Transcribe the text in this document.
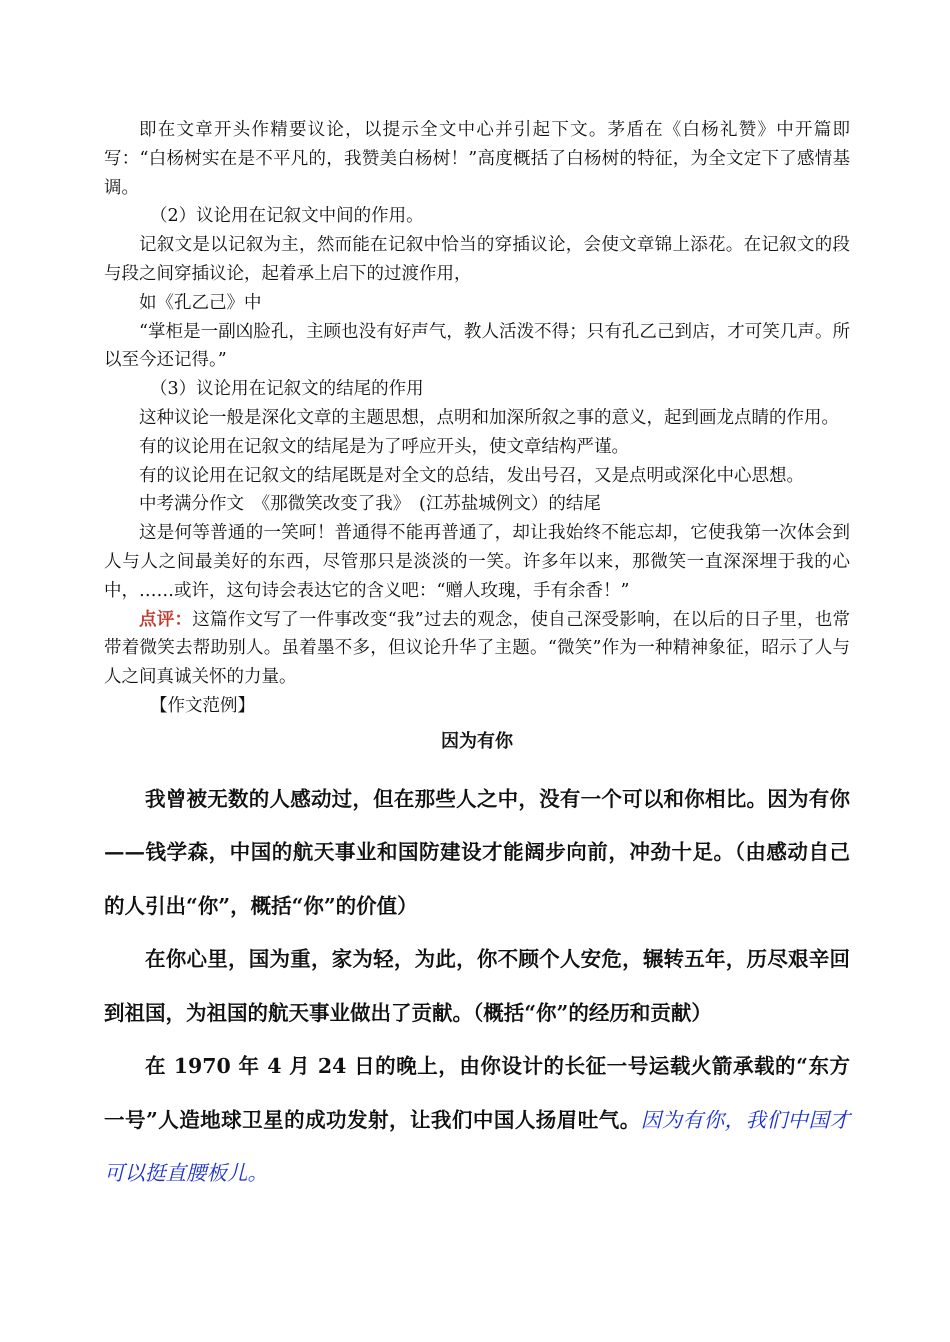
即在文章开头作精要议论，以提示全文中心并引起下文。茅盾在《白杨礼赞》中开篇即写：“白杨树实在是不平凡的，我赞美白杨树！”高度概括了白杨树的特征，为全文定下了感情基调。

（2）议论用在记叙文中间的作用。

记叙文是以记叙为主，然而能在记叙中恰当的穿插议论，会使文章锦上添花。在记叙文的段与段之间穿插议论，起着承上启下的过渡作用，

如《孔乙己》中

“掌柜是一副凶脸孔，主顾也没有好声气，教人活泼不得；只有孔乙己到店，才可笑几声。所以至今还记得。”

（3）议论用在记叙文的结尾的作用

这种议论一般是深化文章的主题思想，点明和加深所叙之事的意义，起到画龙点睛的作用。

有的议论用在记叙文的结尾是为了呼应开头，使文章结构严谨。

有的议论用在记叙文的结尾既是对全文的总结，发出号召，又是点明或深化中心思想。

中考满分作文　《那微笑改变了我》　(江苏盐城例文）的结尾

这是何等普通的一笑呵！普通得不能再普通了，却让我始终不能忘却，它使我第一次体会到人与人之间最美好的东西，尽管那只是淡淡的一笑。许多年以来，那微笑一直深深埋于我的心中，……或许，这句诗会表达它的含义吧：“赠人玫瑰，手有余香！”

点评：这篇作文写了一件事改变“我”过去的观念，使自己深受影响，在以后的日子里，也常带着微笑去帮助别人。虽着墨不多，但议论升华了主题。“微笑”作为一种精神象征，昭示了人与人之间真诚关怀的力量。

【作文范例】

因为有你

我曾被无数的人感动过，但在那些人之中，没有一个可以和你相比。因为有你——钱学森，中国的航天事业和国防建设才能阔步向前，冲劲十足。（由感动自己的人引出“你”，概括“你”的价值）

在你心里，国为重，家为轻，为此，你不顾个人安危，辗转五年，历尽艰辛回到祖国，为祖国的航天事业做出了贡献。（概括“你”的经历和贡献）

在 1970 年 4 月 24 日的晚上，由你设计的长征一号运载火箭承载的“东方一号”人造地球卫星的成功发射，让我们中国人扬眉吐气。因为有你，我们中国才可以挺直腰板儿。
